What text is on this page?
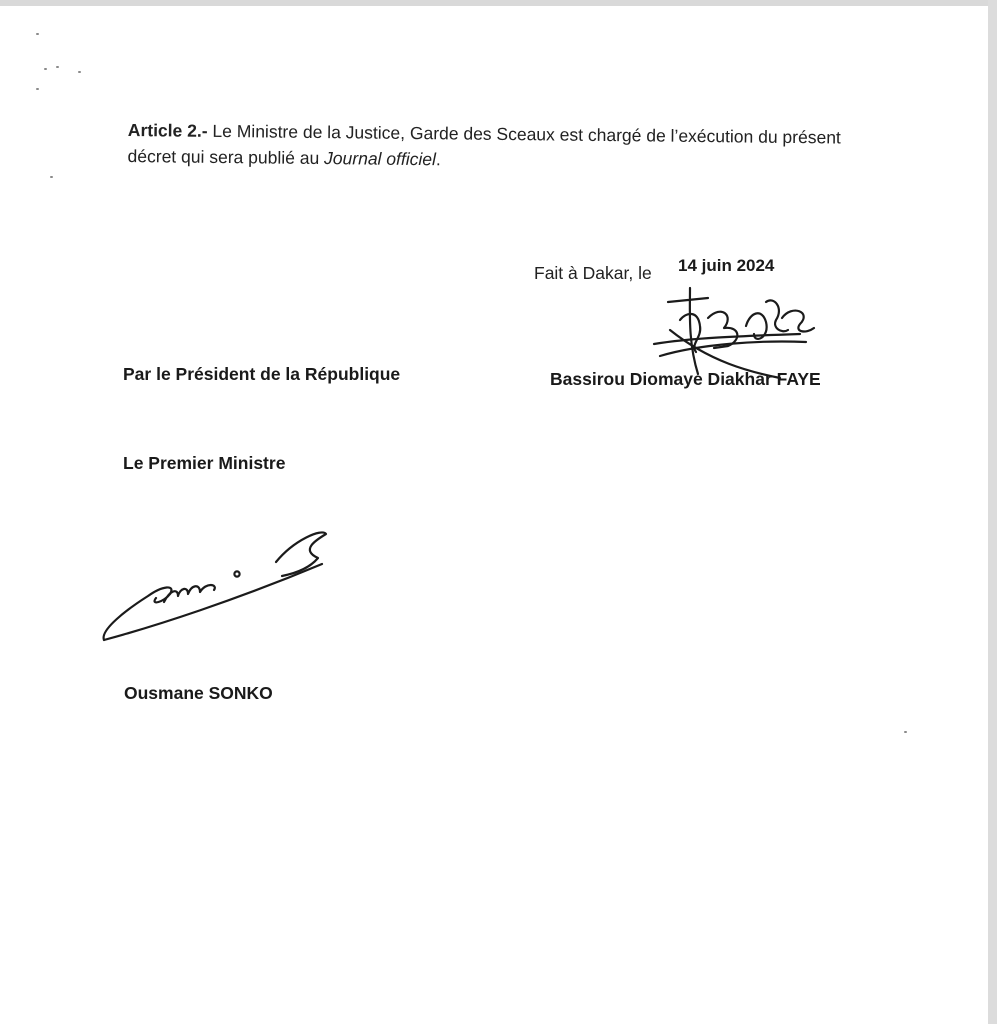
Article 2.- Le Ministre de la Justice, Garde des Sceaux est chargé de l’exécution du présent décret qui sera publié au Journal officiel.

Fait à Dakar, le 14 juin 2024
Par le Président de la République	Bassirou Diomaye Diakhar FAYE
Le Premier Ministre
Ousmane SONKO
